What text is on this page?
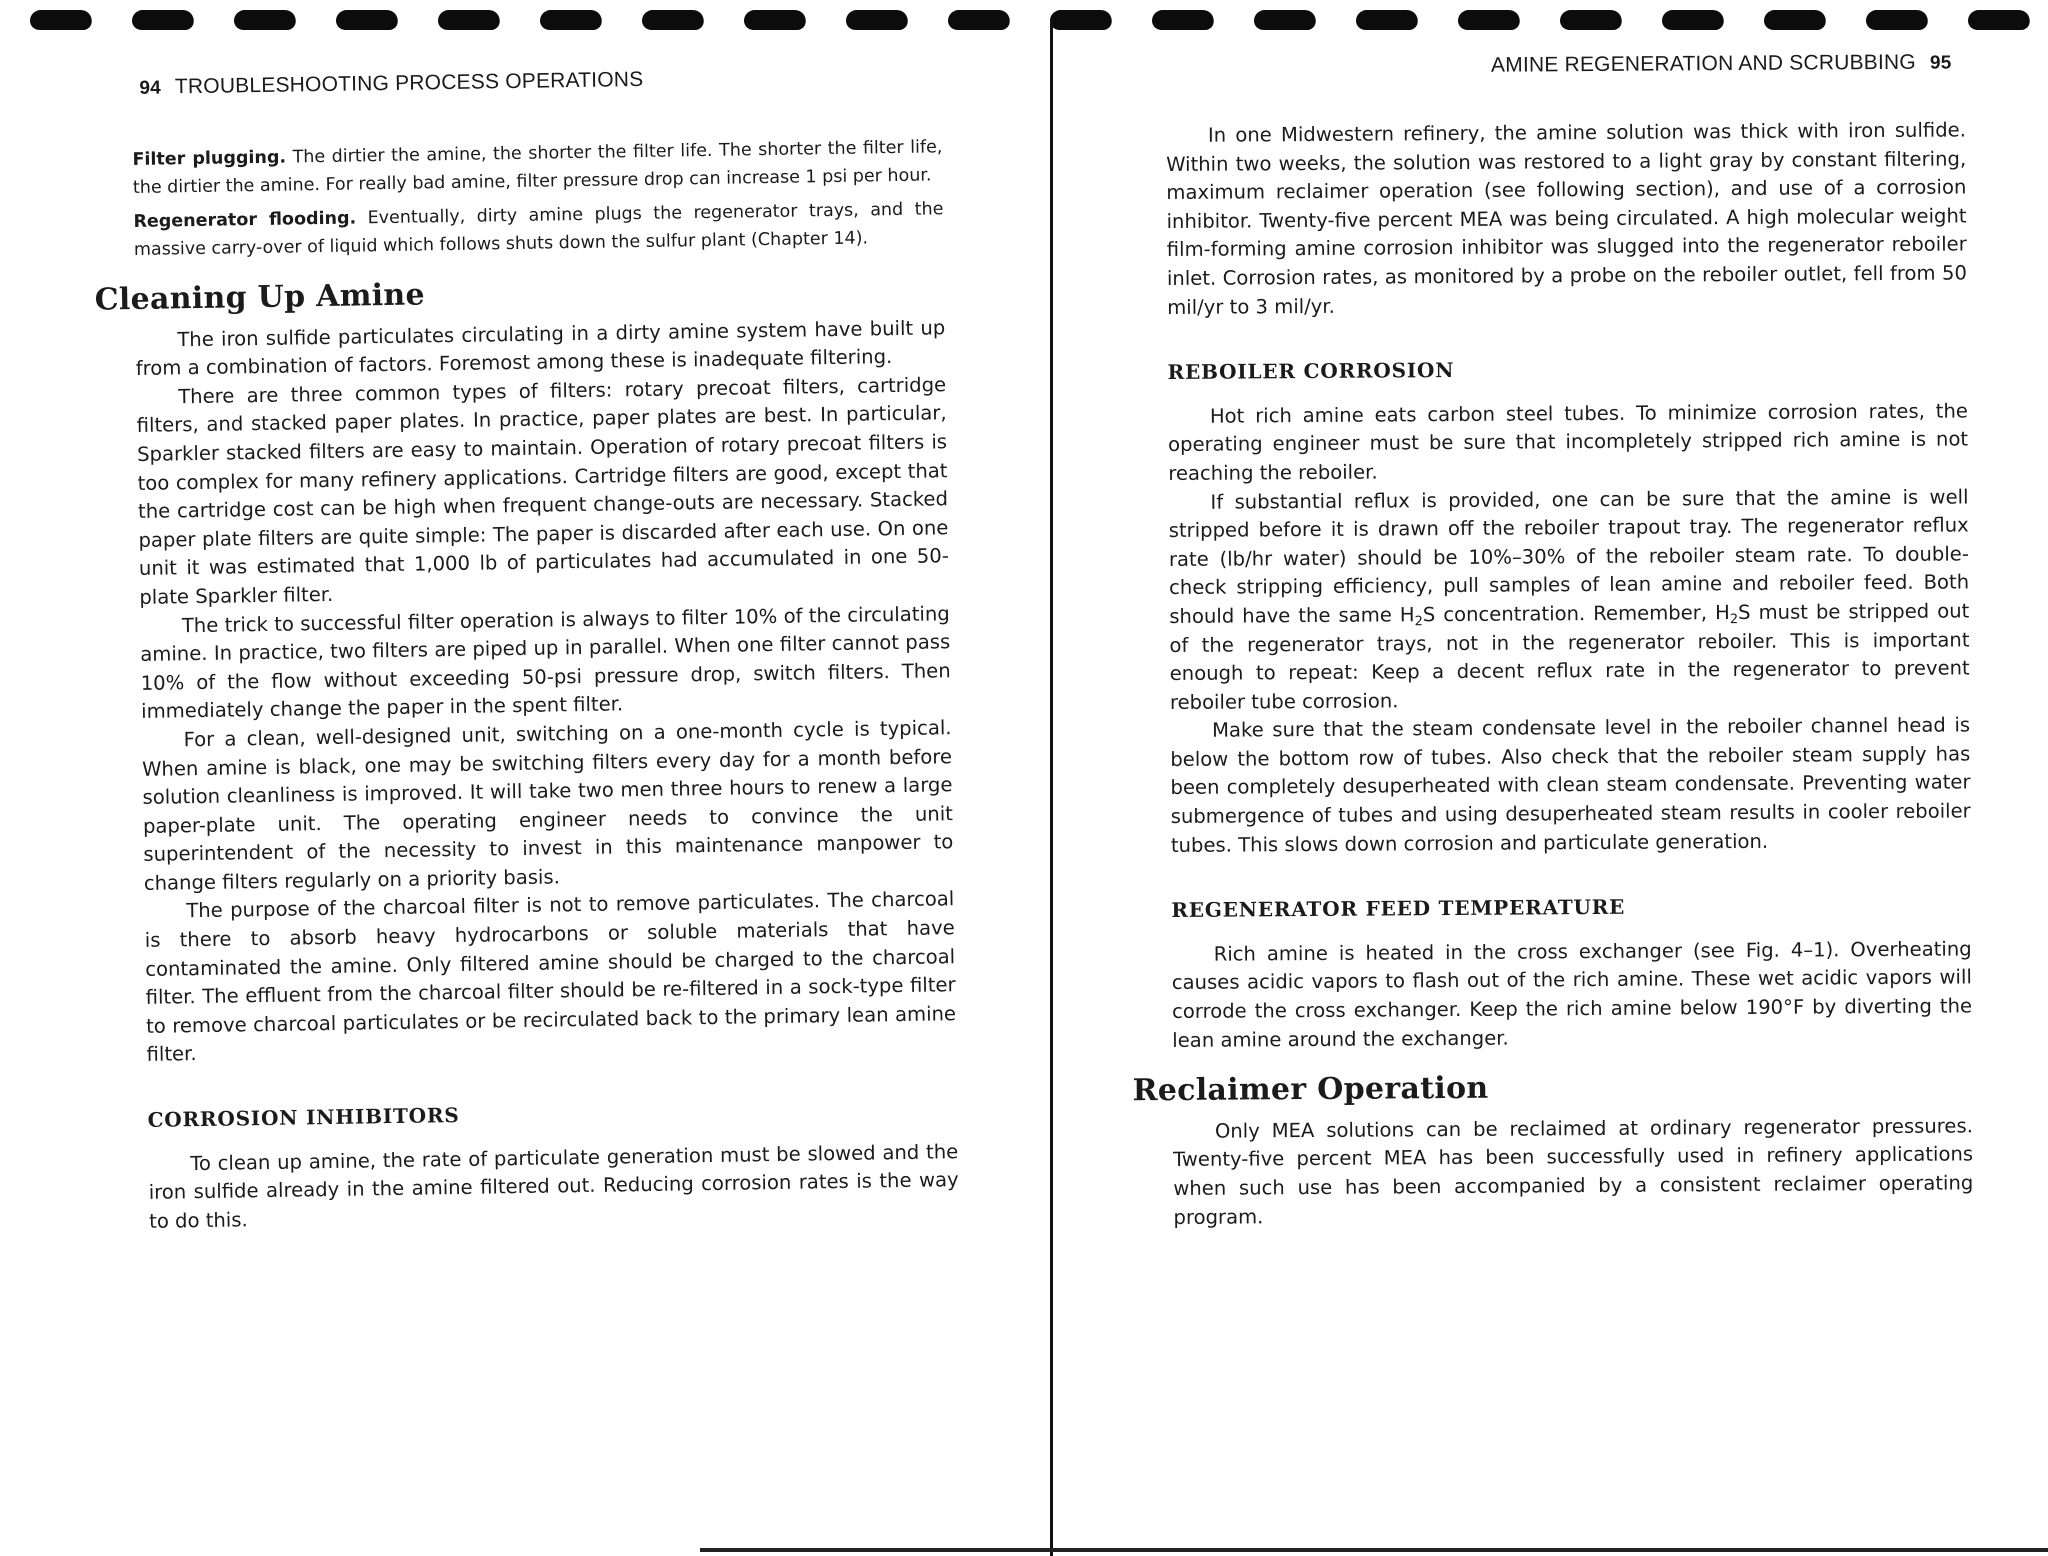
94 TROUBLESHOOTING PROCESS OPERATIONS

Filter plugging. The dirtier the amine, the shorter the filter life. The shorter the filter life, the dirtier the amine. For really bad amine, filter pressure drop can increase 1 psi per hour.

Regenerator flooding. Eventually, dirty amine plugs the regenerator trays, and the massive carry-over of liquid which follows shuts down the sulfur plant (Chapter 14).

Cleaning Up Amine

The iron sulfide particulates circulating in a dirty amine system have built up from a combination of factors. Foremost among these is inadequate filtering.

There are three common types of filters: rotary precoat filters, cartridge filters, and stacked paper plates. In practice, paper plates are best. In particular, Sparkler stacked filters are easy to maintain. Operation of rotary precoat filters is too complex for many refinery applications. Cartridge filters are good, except that the cartridge cost can be high when frequent change-outs are necessary. Stacked paper plate filters are quite simple: The paper is discarded after each use. On one unit it was estimated that 1,000 lb of particulates had accumulated in one 50-plate Sparkler filter.

The trick to successful filter operation is always to filter 10% of the circulating amine. In practice, two filters are piped up in parallel. When one filter cannot pass 10% of the flow without exceeding 50-psi pressure drop, switch filters. Then immediately change the paper in the spent filter.

For a clean, well-designed unit, switching on a one-month cycle is typical. When amine is black, one may be switching filters every day for a month before solution cleanliness is improved. It will take two men three hours to renew a large paper-plate unit. The operating engineer needs to convince the unit superintendent of the necessity to invest in this maintenance manpower to change filters regularly on a priority basis.

The purpose of the charcoal filter is not to remove particulates. The charcoal is there to absorb heavy hydrocarbons or soluble materials that have contaminated the amine. Only filtered amine should be charged to the charcoal filter. The effluent from the charcoal filter should be re-filtered in a sock-type filter to remove charcoal particulates or be recirculated back to the primary lean amine filter.

CORROSION INHIBITORS

To clean up amine, the rate of particulate generation must be slowed and the iron sulfide already in the amine filtered out. Reducing corrosion rates is the way to do this.

AMINE REGENERATION AND SCRUBBING 95

In one Midwestern refinery, the amine solution was thick with iron sulfide. Within two weeks, the solution was restored to a light gray by constant filtering, maximum reclaimer operation (see following section), and use of a corrosion inhibitor. Twenty-five percent MEA was being circulated. A high molecular weight film-forming amine corrosion inhibitor was slugged into the regenerator reboiler inlet. Corrosion rates, as monitored by a probe on the reboiler outlet, fell from 50 mil/yr to 3 mil/yr.

REBOILER CORROSION

Hot rich amine eats carbon steel tubes. To minimize corrosion rates, the operating engineer must be sure that incompletely stripped rich amine is not reaching the reboiler.

If substantial reflux is provided, one can be sure that the amine is well stripped before it is drawn off the reboiler trapout tray. The regenerator reflux rate (lb/hr water) should be 10%–30% of the reboiler steam rate. To double-check stripping efficiency, pull samples of lean amine and reboiler feed. Both should have the same $H_2S$ concentration. Remember, $H_2S$ must be stripped out of the regenerator trays, not in the regenerator reboiler. This is important enough to repeat: Keep a decent reflux rate in the regenerator to prevent reboiler tube corrosion.

Make sure that the steam condensate level in the reboiler channel head is below the bottom row of tubes. Also check that the reboiler steam supply has been completely desuperheated with clean steam condensate. Preventing water submergence of tubes and using desuperheated steam results in cooler reboiler tubes. This slows down corrosion and particulate generation.

REGENERATOR FEED TEMPERATURE

Rich amine is heated in the cross exchanger (see Fig. 4–1). Overheating causes acidic vapors to flash out of the rich amine. These wet acidic vapors will corrode the cross exchanger. Keep the rich amine below 190°F by diverting the lean amine around the exchanger.

Reclaimer Operation

Only MEA solutions can be reclaimed at ordinary regenerator pressures. Twenty-five percent MEA has been successfully used in refinery applications when such use has been accompanied by a consistent reclaimer operating program.
